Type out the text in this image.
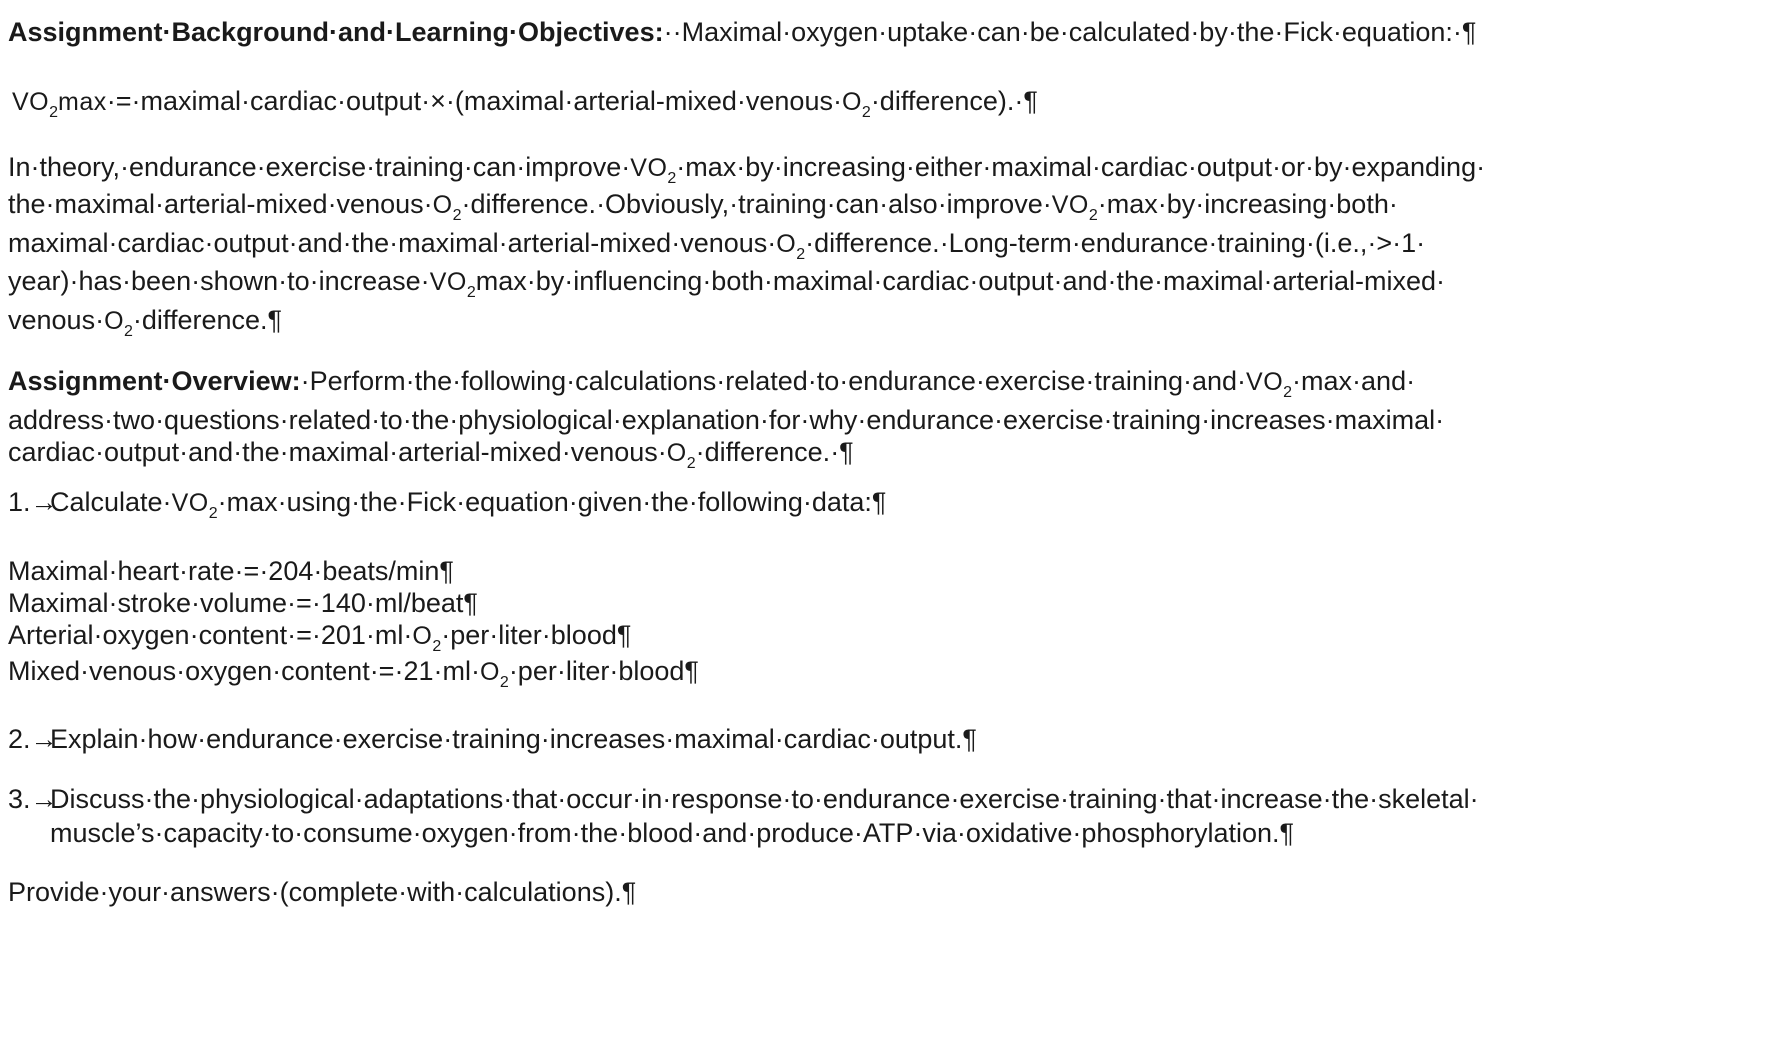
Assignment·Background·and·Learning·Objectives:··Maximal·oxygen·uptake·can·be·calculated·by·the·Fick·equation:·¶
$VO_2\max\cdot=\cdot maximal\cdot cardiac\cdot output\cdot\times\cdot(maximal\cdot arterial-mixed\cdot venous\cdot O_2\cdot difference).\cdot\P$
$In\cdot theory,\cdot endurance\cdot exercise\cdot training\cdot can\cdot improve\cdot VO_2\cdot\max\cdot by\cdot increasing\cdot either\cdot maximal\cdot cardiac\cdot output\cdot or\cdot by\cdot expanding\cdot$
$the\cdot maximal\cdot arterial-mixed\cdot venous\cdot O_2\cdot difference.\cdot Obviously,\cdot training\cdot can\cdot also\cdot improve\cdot VO_2\cdot\max\cdot by\cdot increasing\cdot both\cdot$
$maximal\cdot cardiac\cdot output\cdot and\cdot the\cdot maximal\cdot arterial-mixed\cdot venous\cdot O_2\cdot difference.\cdot Long-term\cdot endurance\cdot training\cdot(i.e.,\cdot>\cdot 1\cdot$
$year)\cdot has\cdot been\cdot shown\cdot to\cdot increase\cdot VO_2\max\cdot by\cdot influencing\cdot both\cdot maximal\cdot cardiac\cdot output\cdot and\cdot the\cdot maximal\cdot arterial-mixed\cdot$
$venous\cdot O_2\cdot difference.\P$
$Assignment\cdot Overview:\cdot Perform\cdot the\cdot following\cdot calculations\cdot related\cdot to\cdot endurance\cdot exercise\cdot training\cdot and\cdot VO_2\cdot\max\cdot and\cdot$
address·two·questions·related·to·the·physiological·explanation·for·why·endurance·exercise·training·increases·maximal·
$cardiac\cdot output\cdot and\cdot the\cdot maximal\cdot arterial-mixed\cdot venous\cdot O_2\cdot difference.\cdot\P$
$1.\to Calculate\cdot VO_2\cdot\max\cdot using\cdot the\cdot Fick\cdot equation\cdot given\cdot the\cdot following\cdot data:\P$
Maximal·heart·rate·=·204·beats/min¶
Maximal·stroke·volume·=·140·ml/beat¶
$Arterial\cdot oxygen\cdot content\cdot=\cdot 201\cdot ml\cdot O_2\cdot per\cdot liter\cdot blood\P$
$Mixed\cdot venous\cdot oxygen\cdot content\cdot=\cdot 21\cdot ml\cdot O_2\cdot per\cdot liter\cdot blood\P$
2.→Explain·how·endurance·exercise·training·increases·maximal·cardiac·output.¶
3.→Discuss·the·physiological·adaptations·that·occur·in·response·to·endurance·exercise·training·that·increase·the·skeletal·
muscle’s·capacity·to·consume·oxygen·from·the·blood·and·produce·ATP·via·oxidative·phosphorylation.¶
Provide·your·answers·(complete·with·calculations).¶
